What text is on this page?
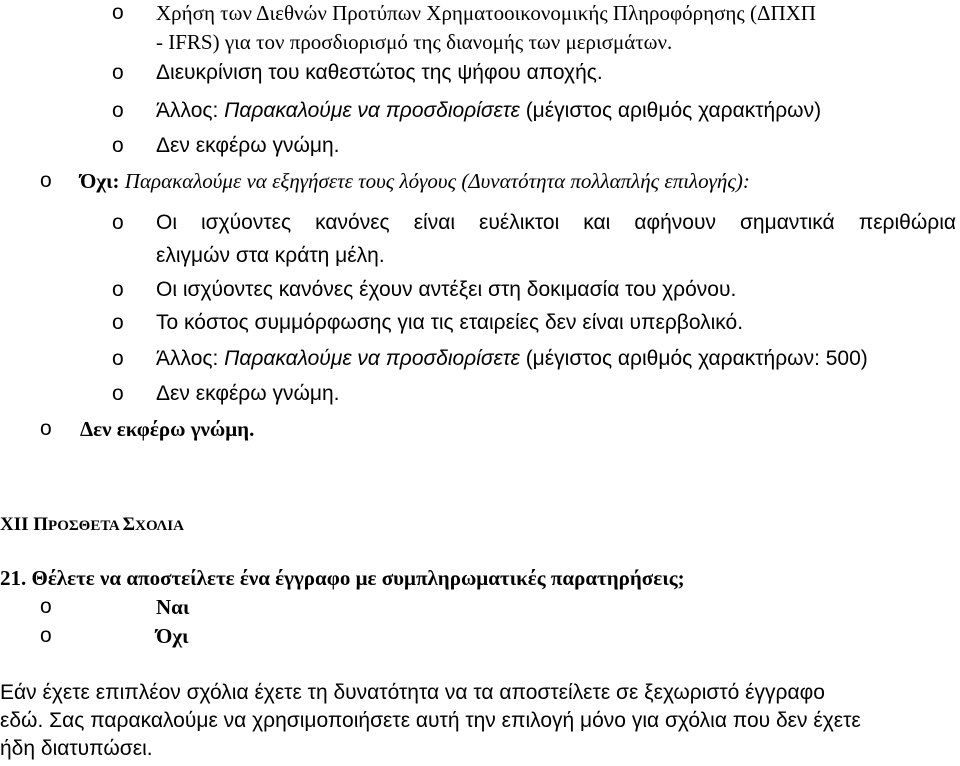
o Χρήση των Διεθνών Προτύπων Χρηματοοικονομικής Πληροφόρησης (ΔΠΧΠ
- IFRS) για τον προσδιορισμό της διανομής των μερισμάτων.
o Διευκρίνιση του καθεστώτος της ψήφου αποχής.
o Άλλος: Παρακαλούμε να προσδιορίσετε (μέγιστος αριθμός χαρακτήρων)
o Δεν εκφέρω γνώμη.
o Όχι: Παρακαλούμε να εξηγήσετε τους λόγους (Δυνατότητα πολλαπλής επιλογής):
o Οι ισχύοντες κανόνες είναι ευέλικτοι και αφήνουν σημαντικά περιθώρια
ελιγμών στα κράτη μέλη.
o Οι ισχύοντες κανόνες έχουν αντέξει στη δοκιμασία του χρόνου.
o Το κόστος συμμόρφωσης για τις εταιρείες δεν είναι υπερβολικό.
o Άλλος: Παρακαλούμε να προσδιορίσετε (μέγιστος αριθμός χαρακτήρων: 500)
o Δεν εκφέρω γνώμη.
o Δεν εκφέρω γνώμη.
XII ΠΡΟΣΘΕΤΑ ΣΧΟΛΙΑ
21. Θέλετε να αποστείλετε ένα έγγραφο με συμπληρωματικές παρατηρήσεις;
o	Ναι
o	Όχι
Εάν έχετε επιπλέον σχόλια έχετε τη δυνατότητα να τα αποστείλετε σε ξεχωριστό έγγραφο
εδώ. Σας παρακαλούμε να χρησιμοποιήσετε αυτή την επιλογή μόνο για σχόλια που δεν έχετε
ήδη διατυπώσει.
